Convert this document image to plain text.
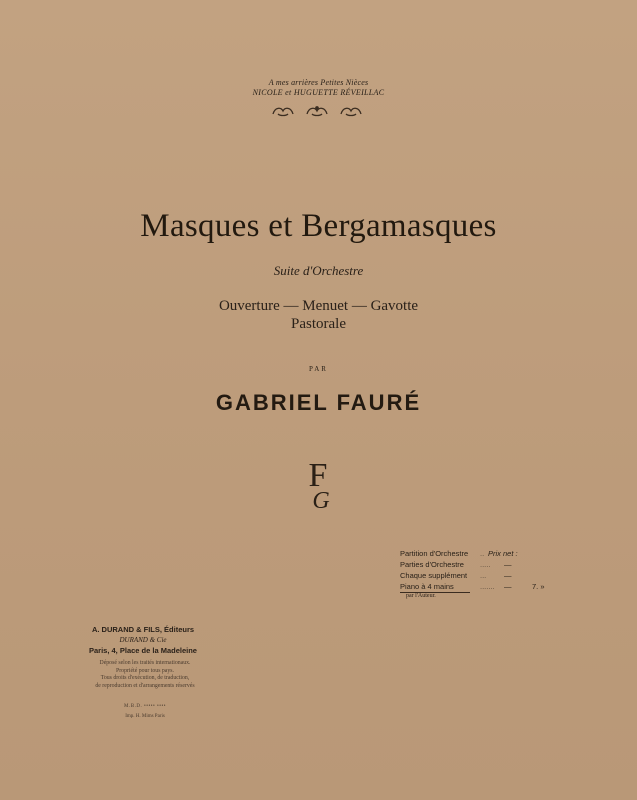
A mes arrières Petites Nièces
NICOLE et HUGUETTE RÉVEILLAC
Masques et Bergamasques
Suite d'Orchestre
Ouverture — Menuet — Gavotte
Pastorale
PAR
GABRIEL FAURÉ
F
G
Partition d'Orchestre .. Prix net :
Parties d'Orchestre .....	—
Chaque supplément ...	—
Piano à 4 mains	.......	—	7. »
par l'Auteur.
A. DURAND & FILS, Éditeurs
DURAND & Cie
Paris, 4, Place de la Madeleine
Déposé selon les traités internationaux.
Propriété pour tous pays.
Tous droits d'exécution, de traduction,
de reproduction et d'arrangements réservés
M.B.D. ••••• ••••
Imp. H. Mims Paris
